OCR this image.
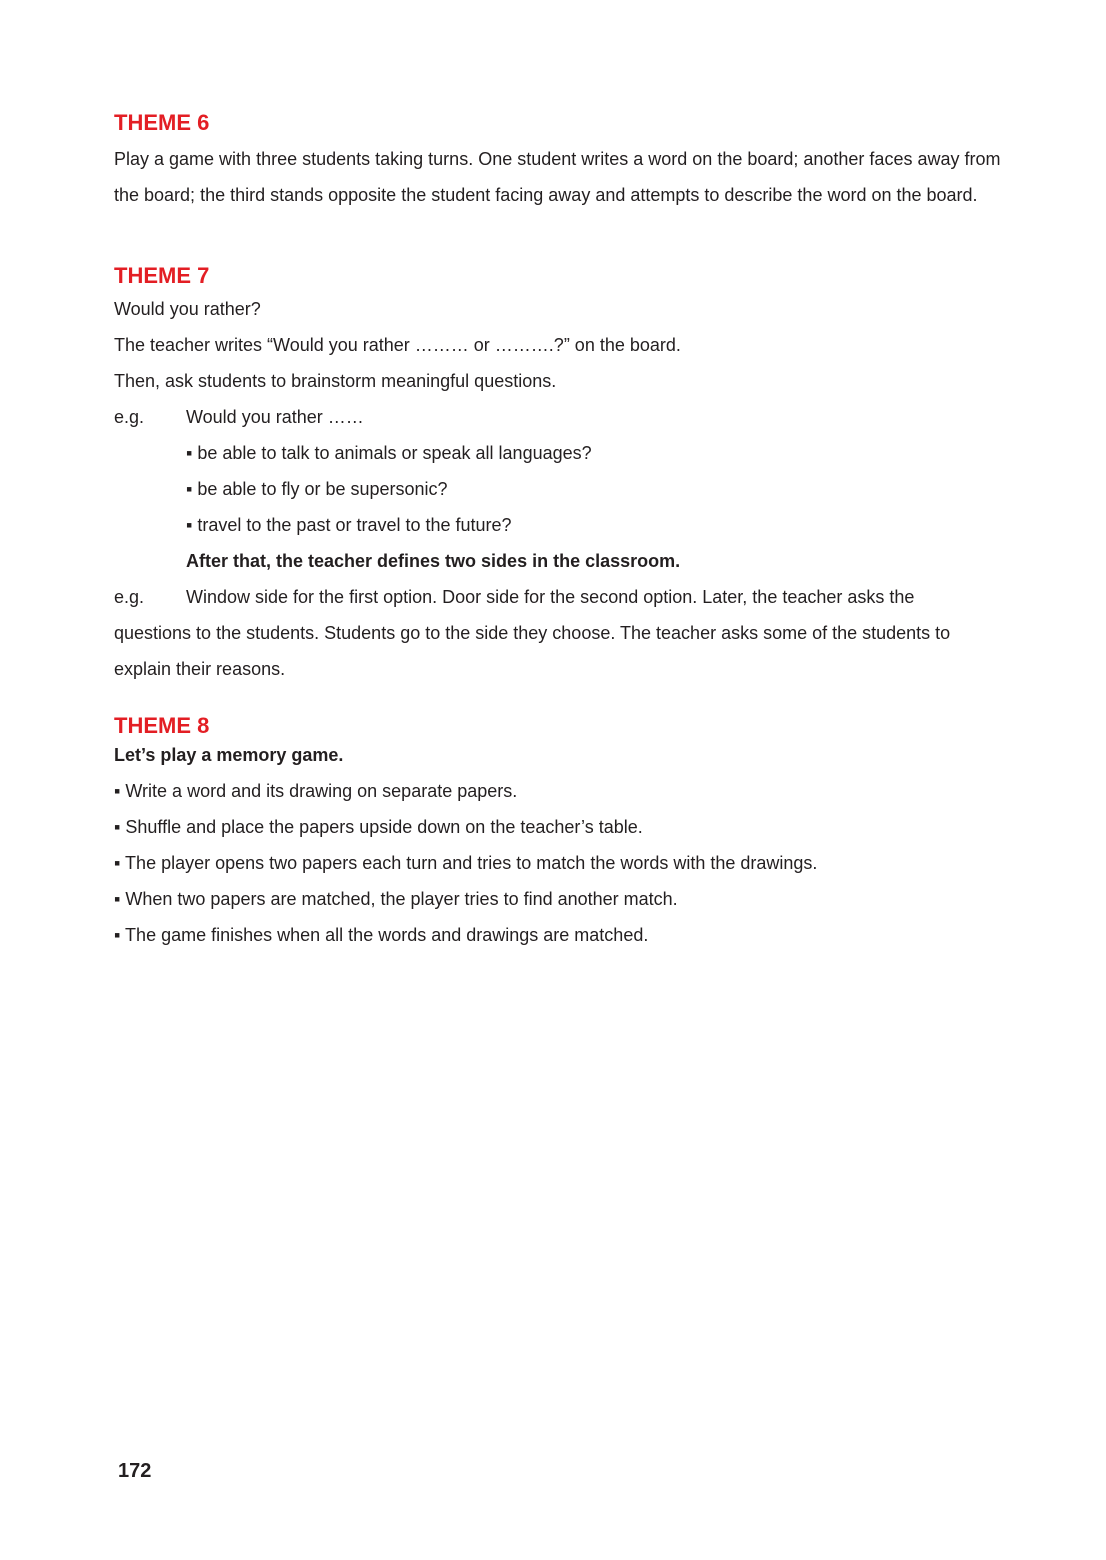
THEME 6

Play a game with three students taking turns. One student writes a word on the board; another faces away from the board; the third stands opposite the student facing away and attempts to describe the word on the board.

THEME 7

Would you rather?

The teacher writes “Would you rather ……… or ……….?” on the board.

Then, ask students to brainstorm meaningful questions.

e.g. Would you rather ……

▪ be able to talk to animals or speak all languages?

▪ be able to fly or be supersonic?

▪ travel to the past or travel to the future?

After that, the teacher defines two sides in the classroom.

e.g. Window side for the first option. Door side for the second option. Later, the teacher asks the

questions to the students. Students go to the side they choose. The teacher asks some of the students to explain their reasons.

THEME 8

Let’s play a memory game.

▪ Write a word and its drawing on separate papers.

▪ Shuffle and place the papers upside down on the teacher’s table.

▪ The player opens two papers each turn and tries to match the words with the drawings.

▪ When two papers are matched, the player tries to find another match.

▪ The game finishes when all the words and drawings are matched.

172
